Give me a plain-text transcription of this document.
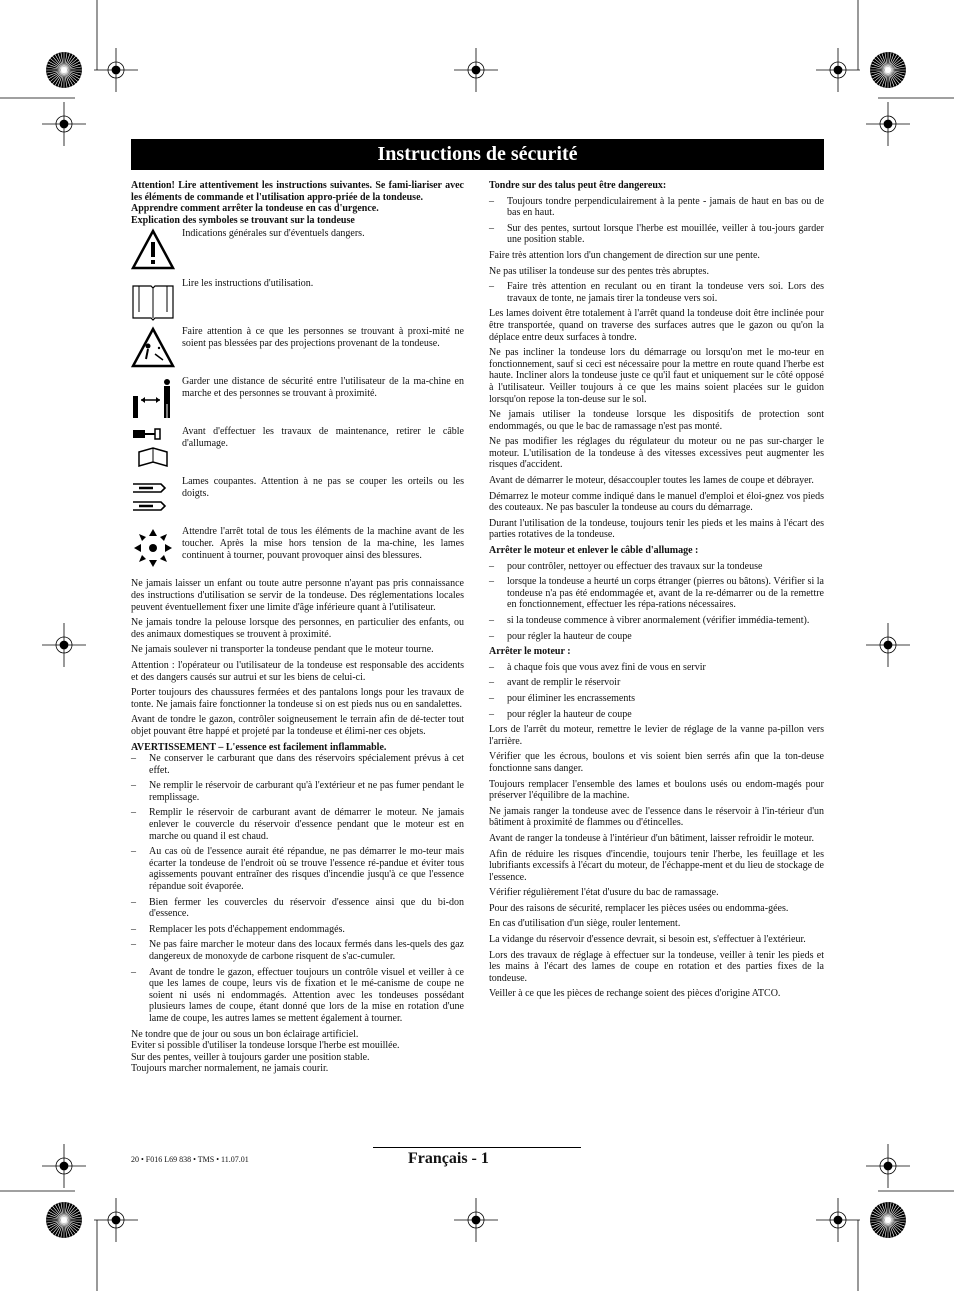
Instructions de sécurité

Attention! Lire attentivement les instructions suivantes. Se fami-liariser avec les éléments de commande et l'utilisation appro-priée de la tondeuse.

Apprendre comment arrêter la tondeuse en cas d'urgence.

Explication des symboles se trouvant sur la tondeuse

Indications générales sur d'éventuels dangers.
Lire les instructions d'utilisation.
Faire attention à ce que les personnes se trouvant à proxi-mité ne soient pas blessées par des projections provenant de la tondeuse.
Garder une distance de sécurité entre l'utilisateur de la ma-chine en marche et des personnes se trouvant à proximité.
Avant d'effectuer les travaux de maintenance, retirer le câble d'allumage.
Lames coupantes. Attention à ne pas se couper les orteils ou les doigts.
Attendre l'arrêt total de tous les éléments de la machine avant de les toucher. Après la mise hors tension de la ma-chine, les lames continuent à tourner, pouvant provoquer ainsi des blessures.

Ne jamais laisser un enfant ou toute autre personne n'ayant pas pris connaissance des instructions d'utilisation se servir de la tondeuse. Des réglementations locales peuvent éventuellement fixer une limite d'âge inférieure quant à l'utilisateur.

Ne jamais tondre la pelouse lorsque des personnes, en particulier des enfants, ou des animaux domestiques se trouvent à proximité.

Ne jamais soulever ni transporter la tondeuse pendant que le moteur tourne.

Attention : l'opérateur ou l'utilisateur de la tondeuse est responsable des accidents et des dangers causés sur autrui et sur les biens de celui-ci.

Porter toujours des chaussures fermées et des pantalons longs pour les travaux de tonte. Ne jamais faire fonctionner la tondeuse si on est pieds nus ou en sandalettes.

Avant de tondre le gazon, contrôler soigneusement le terrain afin de dé-tecter tout objet pouvant être happé et projeté par la tondeuse et élimi-ner ces objets.

AVERTISSEMENT – L'essence est facilement inflammable.

– Ne conserver le carburant que dans des réservoirs spécialement prévus à cet effet.
– Ne remplir le réservoir de carburant qu'à l'extérieur et ne pas fumer pendant le remplissage.
– Remplir le réservoir de carburant avant de démarrer le moteur. Ne jamais enlever le couvercle du réservoir d'essence pendant que le moteur est en marche ou quand il est chaud.
– Au cas où de l'essence aurait été répandue, ne pas démarrer le mo-teur mais écarter la tondeuse de l'endroit où se trouve l'essence ré-pandue et éviter tous agissements pouvant entraîner des risques d'incendie jusqu'à ce que l'essence répandue soit évaporée.
– Bien fermer les couvercles du réservoir d'essence ainsi que du bi-don d'essence.
– Remplacer les pots d'échappement endommagés.
– Ne pas faire marcher le moteur dans des locaux fermés dans les-quels des gaz dangereux de monoxyde de carbone risquent de s'ac-cumuler.
– Avant de tondre le gazon, effectuer toujours un contrôle visuel et veiller à ce que les lames de coupe, leurs vis de fixation et le mé-canisme de coupe ne soient ni usés ni endommagés. Attention avec les tondeuses possédant plusieurs lames de coupe, étant donné que lors de la mise en rotation d'une lame de coupe, les autres lames se mettent également à tourner.

Ne tondre que de jour ou sous un bon éclairage artificiel.

Eviter si possible d'utiliser la tondeuse lorsque l'herbe est mouillée.

Sur des pentes, veiller à toujours garder une position stable.

Toujours marcher normalement, ne jamais courir.

Tondre sur des talus peut être dangereux:

– Toujours tondre perpendiculairement à la pente - jamais de haut en bas ou de bas en haut.
– Sur des pentes, surtout lorsque l'herbe est mouillée, veiller à tou-jours garder une position stable.

Faire très attention lors d'un changement de direction sur une pente.

Ne pas utiliser la tondeuse sur des pentes très abruptes.

– Faire très attention en reculant ou en tirant la tondeuse vers soi. Lors des travaux de tonte, ne jamais tirer la tondeuse vers soi.

Les lames doivent être totalement à l'arrêt quand la tondeuse doit être inclinée pour être transportée, quand on traverse des surfaces autres que le gazon ou qu'on la déplace entre deux surfaces à tondre.

Ne pas incliner la tondeuse lors du démarrage ou lorsqu'on met le mo-teur en fonctionnement, sauf si ceci est nécessaire pour la mettre en route quand l'herbe est haute. Incliner alors la tondeuse juste ce qu'il faut et uniquement sur le côté opposé à l'utilisateur. Veiller toujours à ce que les mains soient placées sur le guidon lorsqu'on repose la ton-deuse sur le sol.

Ne jamais utiliser la tondeuse lorsque les dispositifs de protection sont endommagés, ou que le bac de ramassage n'est pas monté.

Ne pas modifier les réglages du régulateur du moteur ou ne pas sur-charger le moteur. L'utilisation de la tondeuse à des vitesses excessives peut augmenter les risques d'accident.

Avant de démarrer le moteur, désaccoupler toutes les lames de coupe et débrayer.

Démarrez le moteur comme indiqué dans le manuel d'emploi et éloi-gnez vos pieds des couteaux. Ne pas basculer la tondeuse au cours du démarrage.

Durant l'utilisation de la tondeuse, toujours tenir les pieds et les mains à l'écart des parties rotatives de la tondeuse.

Arrêter le moteur et enlever le câble d'allumage :

– pour contrôler, nettoyer ou effectuer des travaux sur la tondeuse
– lorsque la tondeuse a heurté un corps étranger (pierres ou bâtons). Vérifier si la tondeuse n'a pas été endommagée et, avant de la re-démarrer ou de la remettre en fonctionnement, effectuer les répa-rations nécessaires.
– si la tondeuse commence à vibrer anormalement (vérifier immédia-tement).
– pour régler la hauteur de coupe

Arrêter le moteur :

– à chaque fois que vous avez fini de vous en servir
– avant de remplir le réservoir
– pour éliminer les encrassements
– pour régler la hauteur de coupe

Lors de l'arrêt du moteur, remettre le levier de réglage de la vanne pa-pillon vers l'arrière.

Vérifier que les écrous, boulons et vis soient bien serrés afin que la ton-deuse fonctionne sans danger.

Toujours remplacer l'ensemble des lames et boulons usés ou endom-magés pour préserver l'équilibre de la machine.

Ne jamais ranger la tondeuse avec de l'essence dans le réservoir à l'in-térieur d'un bâtiment à proximité de flammes ou d'étincelles.

Avant de ranger la tondeuse à l'intérieur d'un bâtiment, laisser refroidir le moteur.

Afin de réduire les risques d'incendie, toujours tenir l'herbe, les feuillage et les lubrifiants excessifs à l'écart du moteur, de l'échappe-ment et du lieu de stockage de l'essence.

Vérifier régulièrement l'état d'usure du bac de ramassage.

Pour des raisons de sécurité, remplacer les pièces usées ou endomma-gées.

En cas d'utilisation d'un siège, rouler lentement.

La vidange du réservoir d'essence devrait, si besoin est, s'effectuer à l'extérieur.

Lors des travaux de réglage à effectuer sur la tondeuse, veiller à tenir les pieds et les mains à l'écart des lames de coupe en rotation et des parties fixes de la tondeuse.

Veiller à ce que les pièces de rechange soient des pièces d'origine ATCO.

20 • F016 L69 838 • TMS • 11.07.01	Français - 1
